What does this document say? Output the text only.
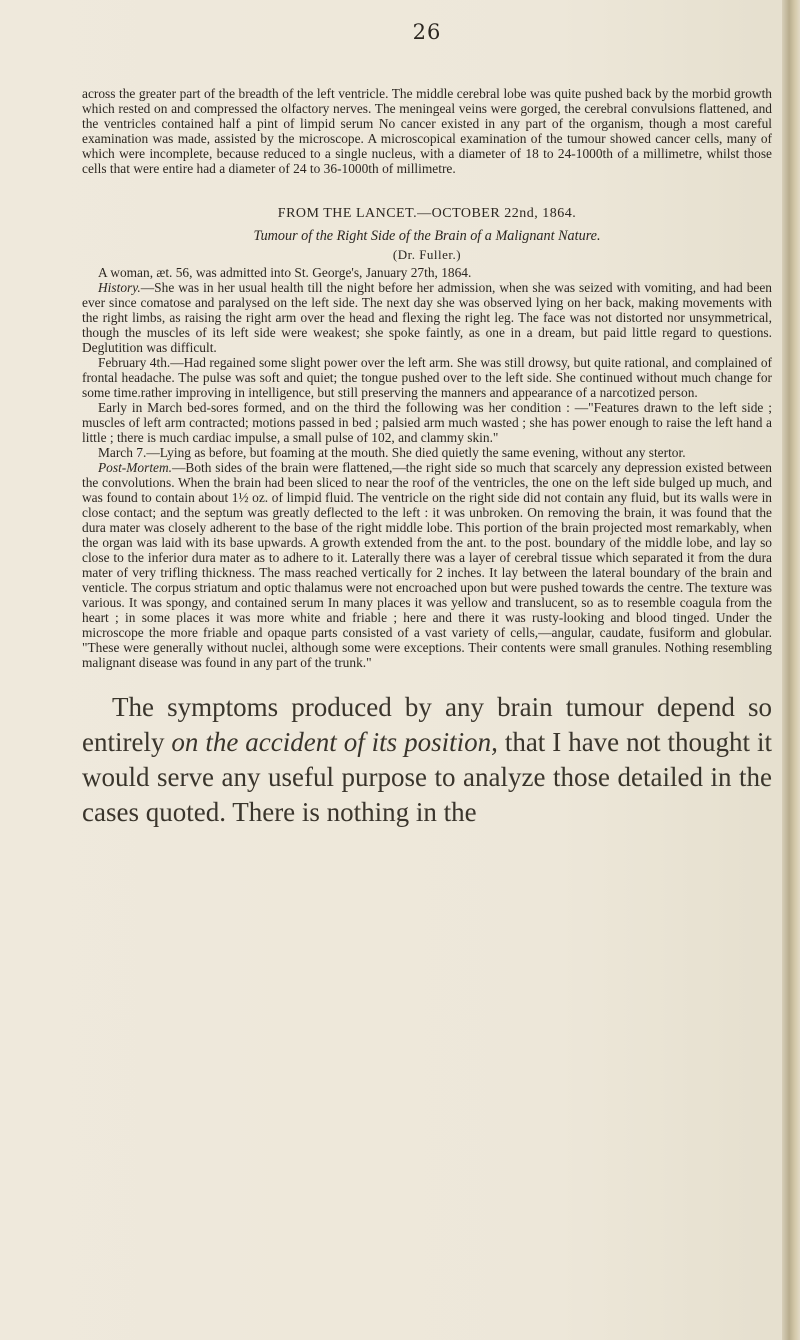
26

across the greater part of the breadth of the left ventricle. The middle cerebral lobe was quite pushed back by the morbid growth which rested on and compressed the olfactory nerves. The meningeal veins were gorged, the cerebral convulsions flattened, and the ventricles contained half a pint of limpid serum No cancer existed in any part of the organism, though a most careful examination was made, assisted by the microscope. A microscopical examination of the tumour showed cancer cells, many of which were incomplete, because reduced to a single nucleus, with a diameter of 18 to 24-1000th of a millimetre, whilst those cells that were entire had a diameter of 24 to 36-1000th of millimetre.

FROM THE LANCET.—OCTOBER 22nd, 1864.
Tumour of the Right Side of the Brain of a Malignant Nature.
(Dr. Fuller.)

A woman, æt. 56, was admitted into St. George's, January 27th, 1864.

History.—She was in her usual health till the night before her admission, when she was seized with vomiting, and had been ever since comatose and paralysed on the left side. The next day she was observed lying on her back, making movements with the right limbs, as raising the right arm over the head and flexing the right leg. The face was not distorted nor unsymmetrical, though the muscles of its left side were weakest; she spoke faintly, as one in a dream, but paid little regard to questions. Deglutition was difficult.

February 4th.—Had regained some slight power over the left arm. She was still drowsy, but quite rational, and complained of frontal headache. The pulse was soft and quiet; the tongue pushed over to the left side. She continued without much change for some time.rather improving in intelligence, but still preserving the manners and appearance of a narcotized person.

Early in March bed-sores formed, and on the third the following was her condition : —"Features drawn to the left side ; muscles of left arm contracted; motions passed in bed ; palsied arm much wasted ; she has power enough to raise the left hand a little ; there is much cardiac impulse, a small pulse of 102, and clammy skin."

March 7.—Lying as before, but foaming at the mouth. She died quietly the same evening, without any stertor.

Post-Mortem.—Both sides of the brain were flattened,—the right side so much that scarcely any depression existed between the convolutions. When the brain had been sliced to near the roof of the ventricles, the one on the left side bulged up much, and was found to contain about 1½ oz. of limpid fluid. The ventricle on the right side did not contain any fluid, but its walls were in close contact; and the septum was greatly deflected to the left : it was unbroken. On removing the brain, it was found that the dura mater was closely adherent to the base of the right middle lobe. This portion of the brain projected most remarkably, when the organ was laid with its base upwards. A growth extended from the ant. to the post. boundary of the middle lobe, and lay so close to the inferior dura mater as to adhere to it. Laterally there was a layer of cerebral tissue which separated it from the dura mater of very trifling thickness. The mass reached vertically for 2 inches. It lay between the lateral boundary of the brain and venticle. The corpus striatum and optic thalamus were not encroached upon but were pushed towards the centre. The texture was various. It was spongy, and contained serum In many places it was yellow and translucent, so as to resemble coagula from the heart ; in some places it was more white and friable ; here and there it was rusty-looking and blood tinged. Under the microscope the more friable and opaque parts consisted of a vast variety of cells,—angular, caudate, fusiform and globular. "These were generally without nuclei, although some were exceptions. Their contents were small granules. Nothing resembling malignant disease was found in any part of the trunk."

The symptoms produced by any brain tumour depend so entirely on the accident of its position, that I have not thought it would serve any useful purpose to analyze those detailed in the cases quoted. There is nothing in the
